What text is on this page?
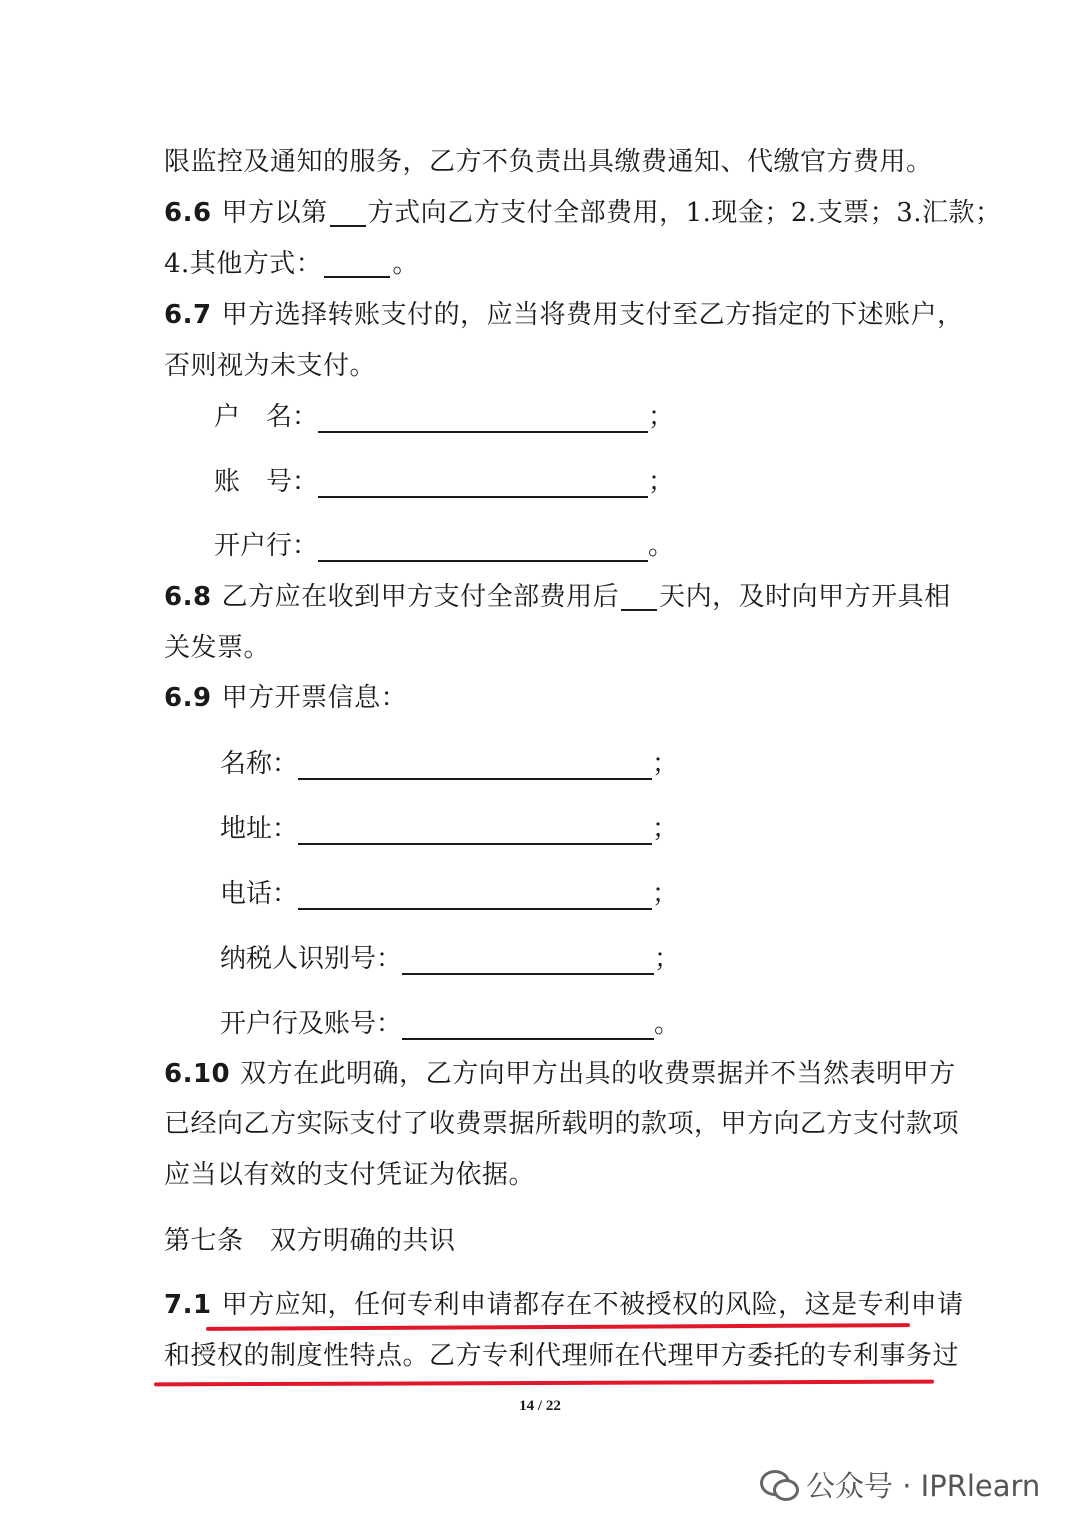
限监控及通知的服务，乙方不负责出具缴费通知、代缴官方费用。
6.6 甲方以第 方式向乙方支付全部费用，1.现金；2.支票；3.汇款；
4.其他方式：	。
6.7 甲方选择转账支付的，应当将费用支付至乙方指定的下述账户，
否则视为未支付。
户　名：	；
账　号：	；
开户行：	。
6.8 乙方应在收到甲方支付全部费用后 天内，及时向甲方开具相
关发票。
6.9 甲方开票信息：
名称：	；
地址：	；
电话：	；
纳税人识别号：	；
开户行及账号：	。
6.10 双方在此明确，乙方向甲方出具的收费票据并不当然表明甲方
已经向乙方实际支付了收费票据所载明的款项，甲方向乙方支付款项
应当以有效的支付凭证为依据。
第七条　双方明确的共识
7.1 甲方应知，任何专利申请都存在不被授权的风险，这是专利申请
和授权的制度性特点。乙方专利代理师在代理甲方委托的专利事务过
14 / 22
公众号 · IPRlearn
